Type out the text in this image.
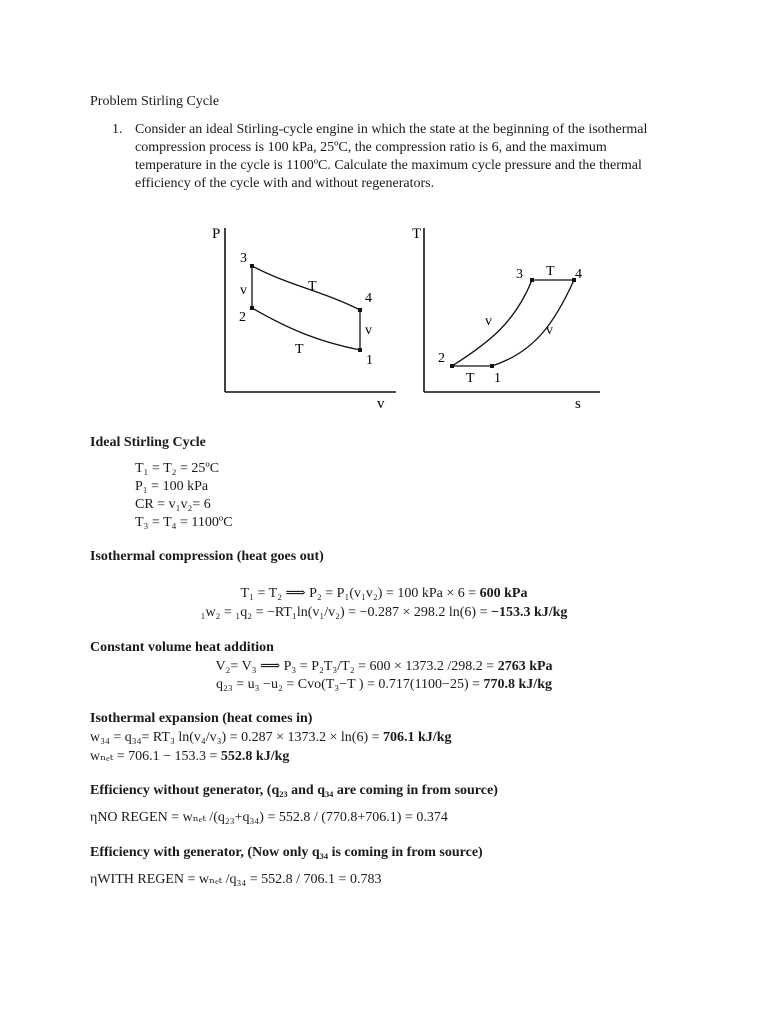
Problem Stirling Cycle
1. Consider an ideal Stirling-cycle engine in which the state at the beginning of the isothermal compression process is 100 kPa, 25ºC, the compression ratio is 6, and the maximum temperature in the cycle is 1100ºC. Calculate the maximum cycle pressure and the thermal efficiency of the cycle with and without regenerators.
P
v
1
2
3
4
T
T
v
v
T
s
1
2
3	4
T
T
v
v
Ideal Stirling Cycle
T₁ = T₂ = 25ºC
P₁ = 100 kPa
CR = v₁v₂= 6
T₃ = T₄ = 1100ºC
Isothermal compression (heat goes out)
T₁ = T₂ ⟹ P₂ = P₁(v₁v₂) = 100 kPa × 6 = 600 kPa
₁w₂ = ₁q₂ = −RT₁ln(v₁/v₂) = −0.287 × 298.2 ln(6) = −153.3 kJ/kg
Constant volume heat addition
V₂= V₃ ⟹ P₃ = P₂T₃/T₂ = 600 × 1373.2 /298.2 = 2763 kPa
q₂₃ = u₃ −u₂ = Cvo(T₃−T ) = 0.717(1100−25) = 770.8 kJ/kg
Isothermal expansion (heat comes in)
w₃₄ = q₃₄= RT₃ ln(v₄/v₃) = 0.287 × 1373.2 × ln(6) = 706.1 kJ/kg
wₙₑₜ = 706.1 − 153.3 = 552.8 kJ/kg
Efficiency without generator, (q₂₃ and q₃₄ are coming in from source)
ηNO REGEN = wₙₑₜ /(q₂₃+q₃₄) = 552.8 / (770.8+706.1) = 0.374
Efficiency with generator, (Now only q₃₄ is coming in from source)
ηWITH REGEN = wₙₑₜ /q₃₄ = 552.8 / 706.1 = 0.783
